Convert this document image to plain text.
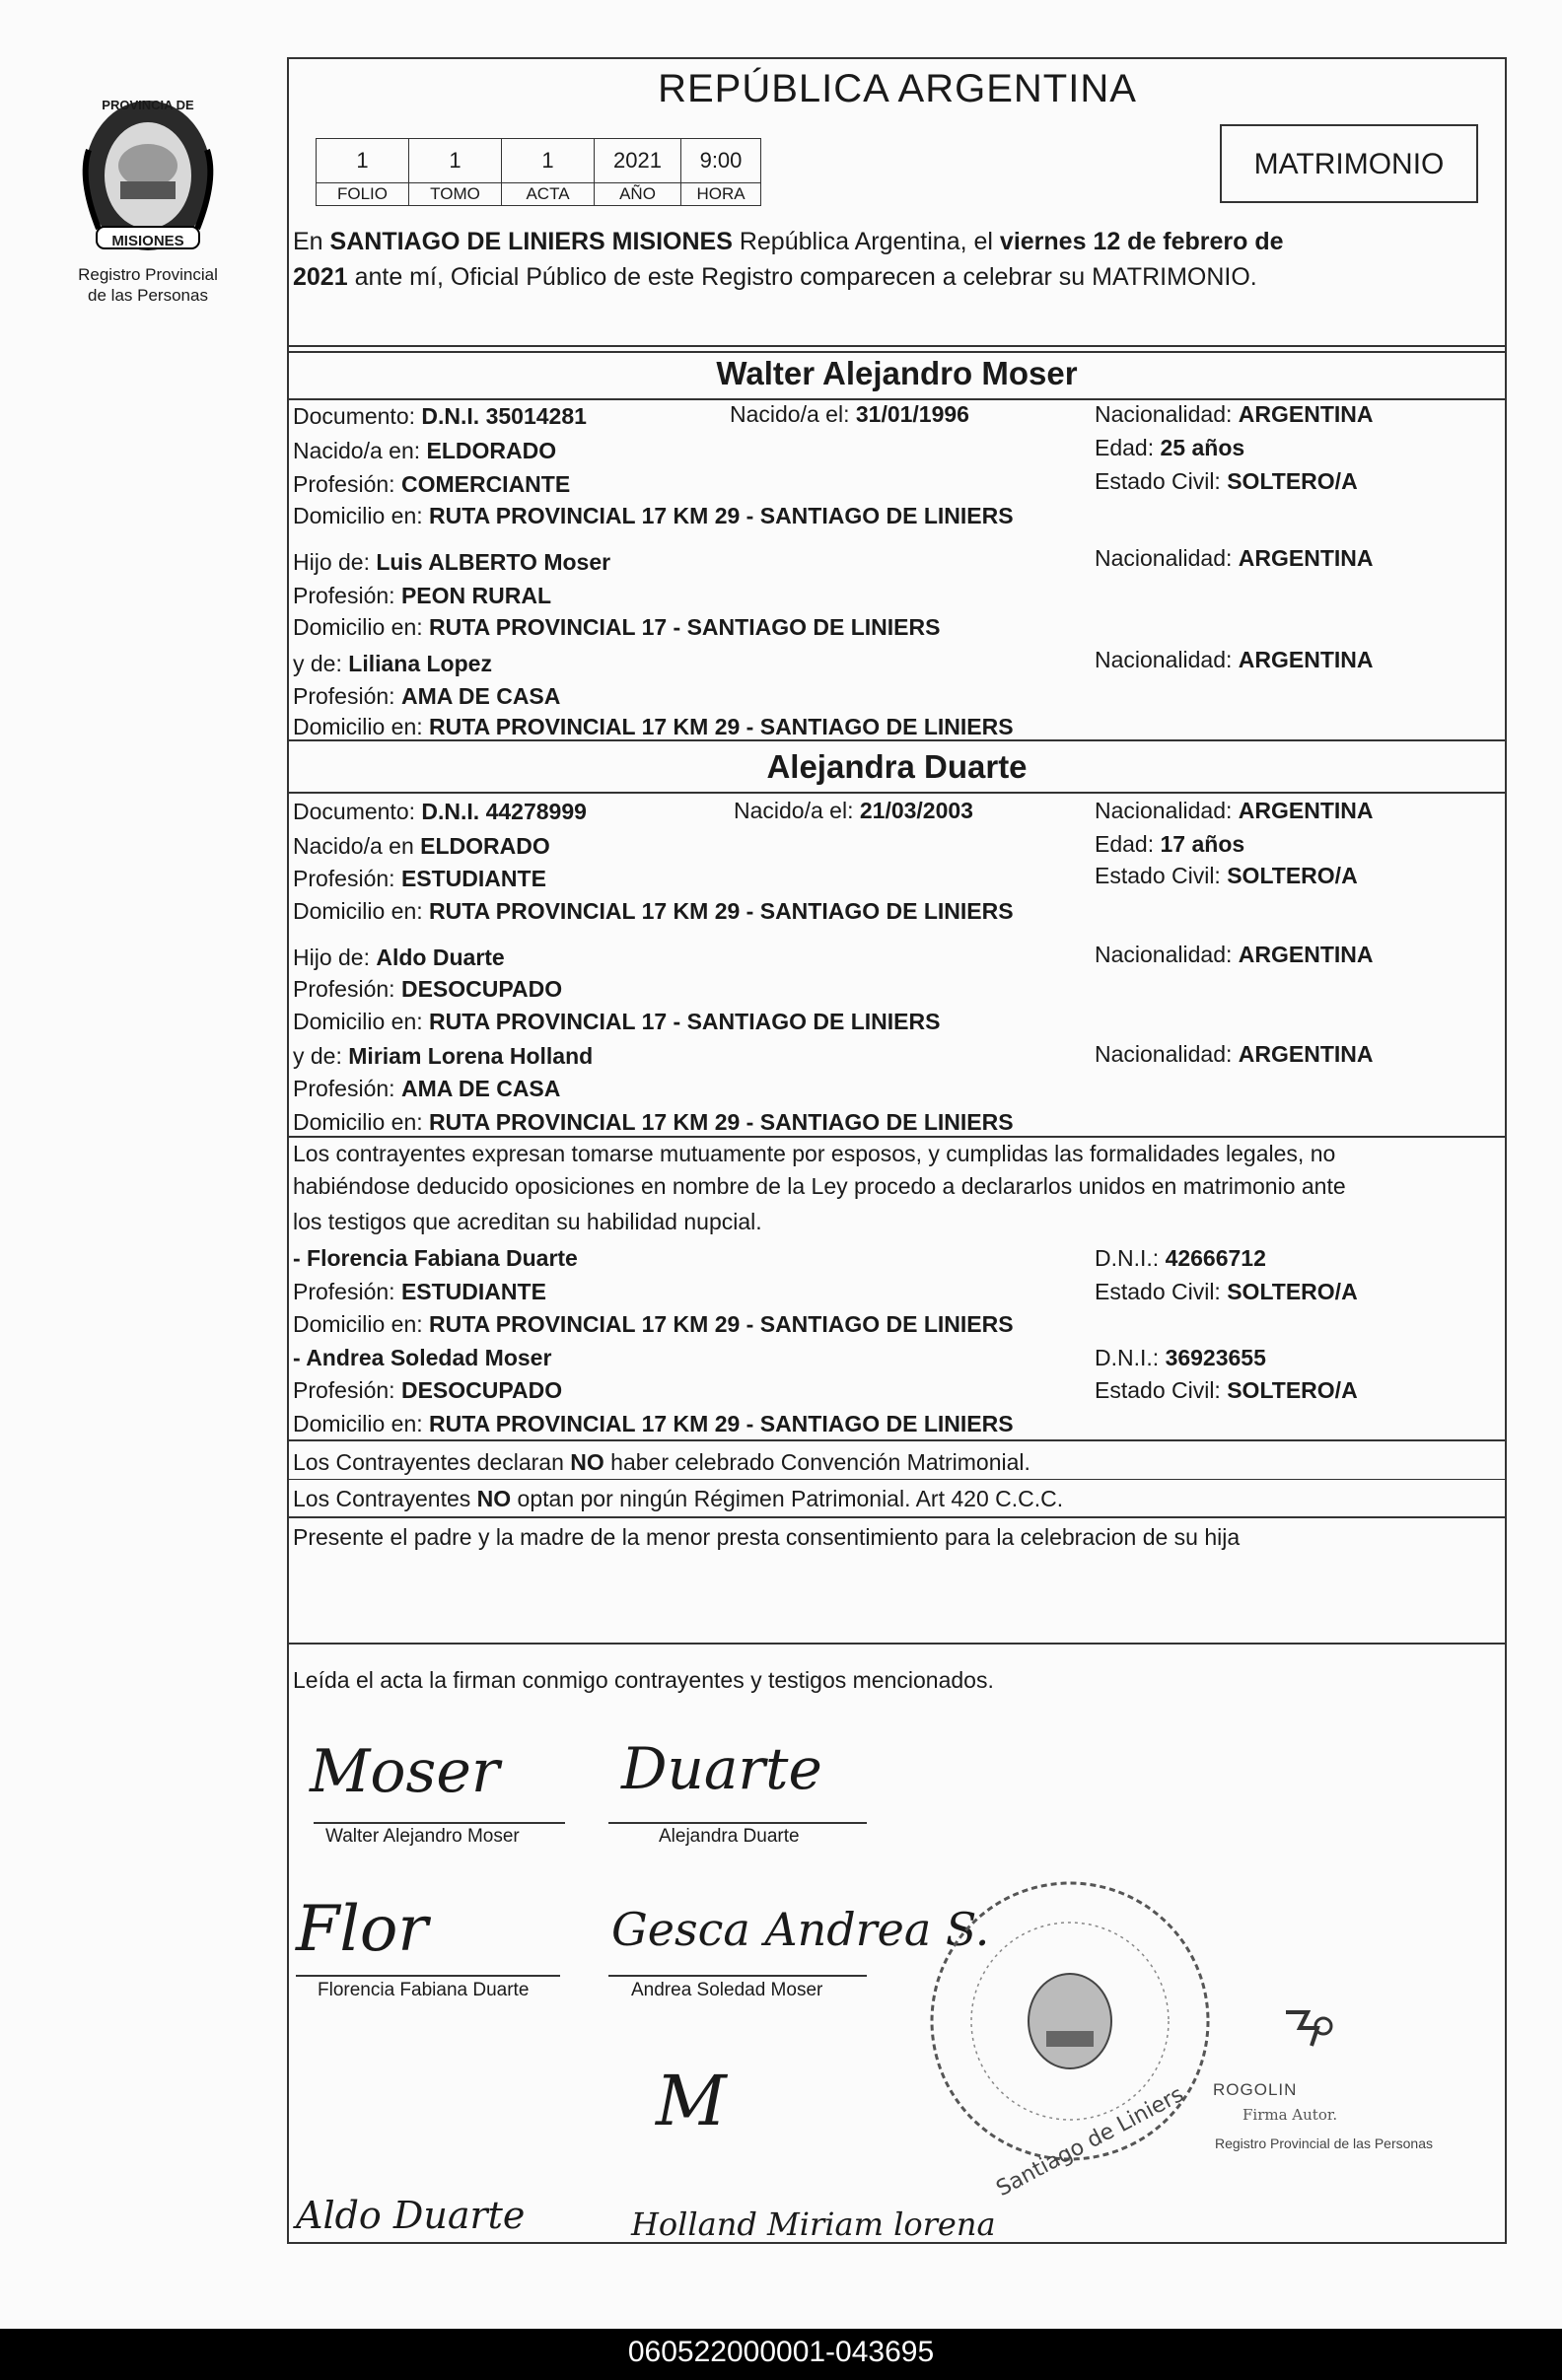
PROVINCIA DE
MISIONES
Registro Provincial
de las Personas
REPÚBLICA ARGENTINA
1	1	1	2021	9:00
FOLIO	TOMO	ACTA	AÑO	HORA
MATRIMONIO
En SANTIAGO DE LINIERS MISIONES República Argentina, el viernes 12 de febrero de
2021 ante mí, Oficial Público de este Registro comparecen a celebrar su MATRIMONIO.
Walter Alejandro Moser
Documento: D.N.I. 35014281	Nacido/a el: 31/01/1996	Nacionalidad: ARGENTINA
Nacido/a en: ELDORADO	Edad: 25 años
Profesión: COMERCIANTE	Estado Civil: SOLTERO/A
Domicilio en: RUTA PROVINCIAL 17 KM 29 - SANTIAGO DE LINIERS
Hijo de: Luis ALBERTO Moser	Nacionalidad: ARGENTINA
Profesión: PEON RURAL
Domicilio en: RUTA PROVINCIAL 17 - SANTIAGO DE LINIERS
y de: Liliana Lopez	Nacionalidad: ARGENTINA
Profesión: AMA DE CASA
Domicilio en: RUTA PROVINCIAL 17 KM 29 - SANTIAGO DE LINIERS
Alejandra Duarte
Documento: D.N.I. 44278999	Nacido/a el: 21/03/2003	Nacionalidad: ARGENTINA
Nacido/a en ELDORADO	Edad: 17 años
Profesión: ESTUDIANTE	Estado Civil: SOLTERO/A
Domicilio en: RUTA PROVINCIAL 17 KM 29 - SANTIAGO DE LINIERS
Hijo de: Aldo Duarte	Nacionalidad: ARGENTINA
Profesión: DESOCUPADO
Domicilio en: RUTA PROVINCIAL 17 - SANTIAGO DE LINIERS
y de: Miriam Lorena Holland	Nacionalidad: ARGENTINA
Profesión: AMA DE CASA
Domicilio en: RUTA PROVINCIAL 17 KM 29 - SANTIAGO DE LINIERS
Los contrayentes expresan tomarse mutuamente por esposos, y cumplidas las formalidades legales, no
habiéndose deducido oposiciones en nombre de la Ley procedo a declararlos unidos en matrimonio ante
los testigos que acreditan su habilidad nupcial.
- Florencia Fabiana Duarte	D.N.I.: 42666712
Profesión: ESTUDIANTE	Estado Civil: SOLTERO/A
Domicilio en: RUTA PROVINCIAL 17 KM 29 - SANTIAGO DE LINIERS
- Andrea Soledad Moser	D.N.I.: 36923655
Profesión: DESOCUPADO	Estado Civil: SOLTERO/A
Domicilio en: RUTA PROVINCIAL 17 KM 29 - SANTIAGO DE LINIERS
Los Contrayentes declaran NO haber celebrado Convención Matrimonial.
Los Contrayentes NO optan por ningún Régimen Patrimonial. Art 420 C.C.C.
Presente el padre y la madre de la menor presta consentimiento para la celebracion de su hija
Leída el acta la firman conmigo contrayentes y testigos mencionados.
Moser
Walter Alejandro Moser
Duarte
Alejandra Duarte
Flor
Florencia Fabiana Duarte
Gesca Andrea S.
Andrea Soledad Moser
M
Aldo Duarte	Holland Miriam lorena
Santiago de Liniers ROGOLIN
Firma Autor.
Registro Provincial de las Personas
060522000001-043695
